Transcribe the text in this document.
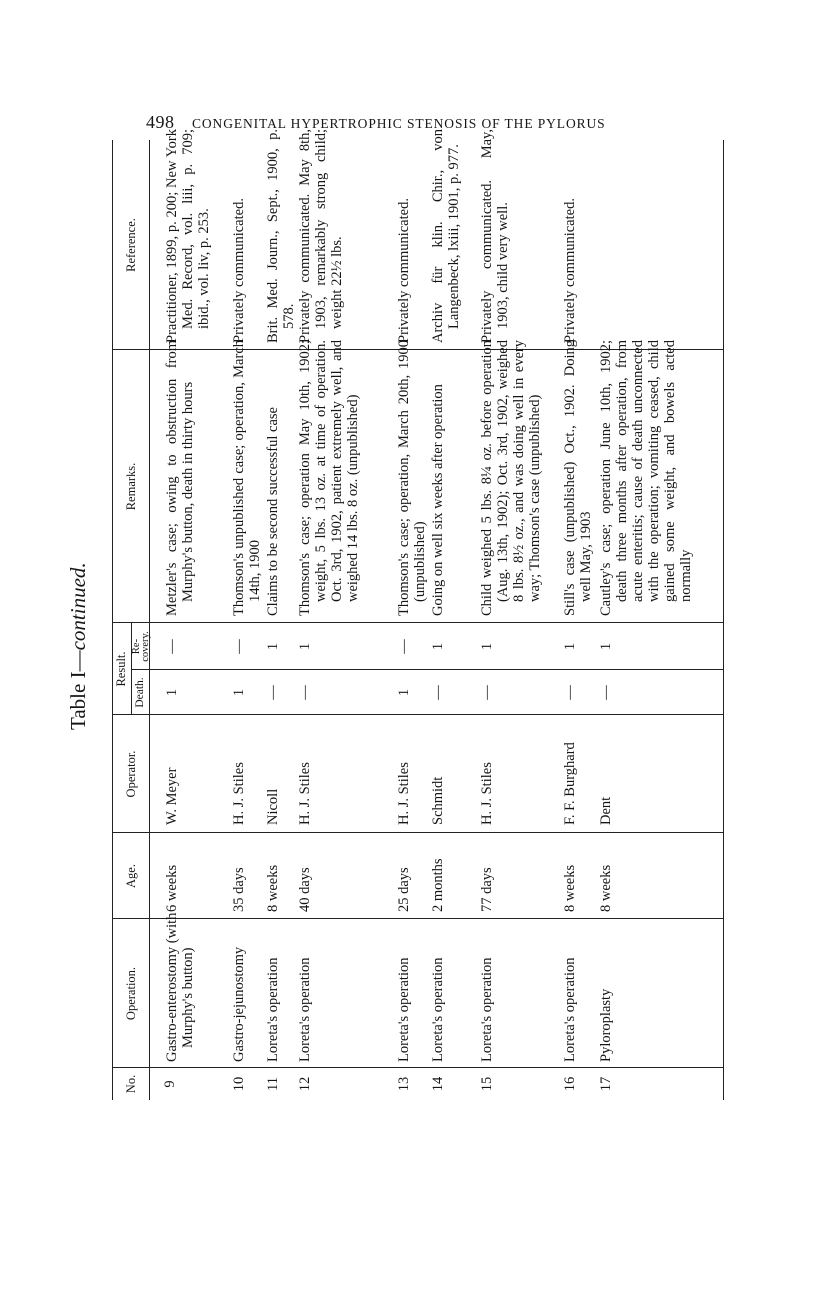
498 CONGENITAL HYPERTROPHIC STENOSIS OF THE PYLORUS
Table I—continued.
No.
Operation.
Age.
Operator.
Result.
Death.
Re-covery.
Remarks.
Reference.
9
Gastro-enterostomy (with Murphy's button)
6 weeks
W. Meyer
1
—
Metzler's case; owing to obstruction from Murphy's button, death in thirty hours
Practitioner, 1899, p. 200; New York Med. Record, vol. liii, p. 709; ibid., vol. liv, p. 253.
10
Gastro-jejunostomy
35 days
H. J. Stiles
1
—
Thomson's unpublished case; operation, March 14th, 1900
Privately communicated.
11
Loreta's operation
8 weeks
Nicoll
—
1
Claims to be second successful case
Brit. Med. Journ., Sept., 1900, p. 578.
12
Loreta's operation
40 days
H. J. Stiles
—
1
Thomson's case; operation May 10th, 1902; weight, 5 lbs. 13 oz. at time of operation. Oct. 3rd, 1902, patient extremely well, and weighed 14 lbs. 8 oz. (unpublished)
Privately communicated. May 8th, 1903, remarkably strong child; weight 22½ lbs.
13
Loreta's operation
25 days
H. J. Stiles
1
—
Thomson's case; operation, March 20th, 1900 (unpublished)
Privately communicated.
14
Loreta's operation
2 months
Schmidt
—
1
Going on well six weeks after operation
Archiv für klin. Chir., von Langenbeck, lxiii, 1901, p. 977.
15
Loreta's operation
77 days
H. J. Stiles
—
1
Child weighed 5 lbs. 8¼ oz. before operation (Aug. 13th, 1902); Oct. 3rd, 1902, weighed 8 lbs. 8½ oz., and was doing well in every way; Thomson's case (unpublished)
Privately communicated. May, 1903, child very well.
16
Loreta's operation
8 weeks
F. F. Burghard
—
1
Still's case (unpublished) Oct., 1902. Doing well May, 1903
Privately communicated.
17
Pyloroplasty
8 weeks
Dent
—
1
Cautley's case; operation June 10th, 1902; death three months after operation, from acute enteritis; cause of death unconnected with the operation; vomiting ceased, child gained some weight, and bowels acted normally
